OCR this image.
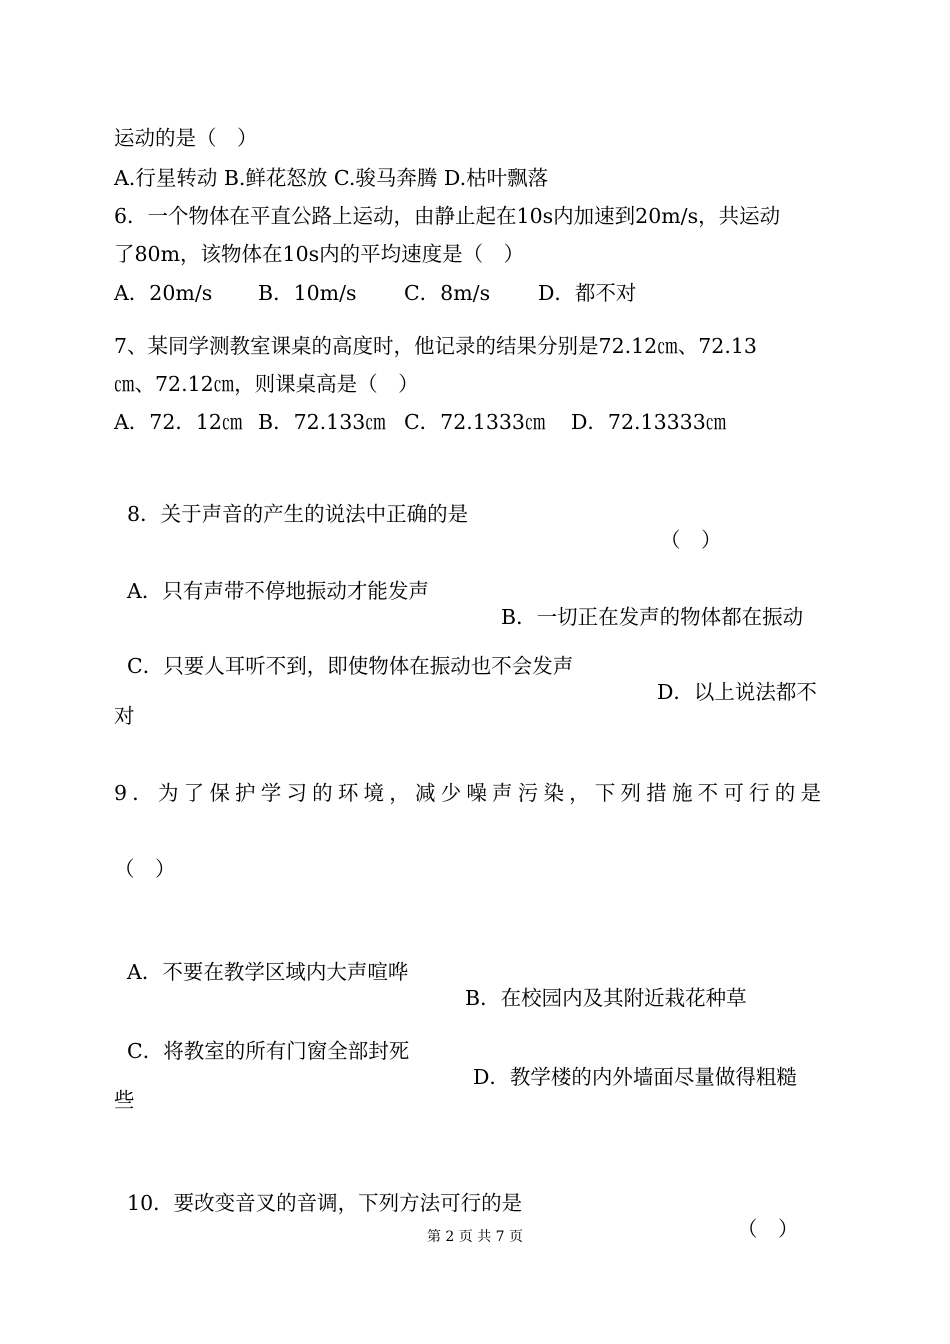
运动的是（　）

A.行星转动 B.鲜花怒放 C.骏马奔腾 D.枯叶飘落

6．一个物体在平直公路上运动，由静止起在10s内加速到20m/s，共运动

了80m，该物体在10s内的平均速度是（　）

A．20m/s	B．10m/s	C．8m/s	D．都不对

7、某同学测教室课桌的高度时，他记录的结果分别是72.12㎝、72.13

㎝、72.12㎝，则课桌高是（　）

A．72．12㎝ B．72.133㎝ C．72.1333㎝	D．72.13333㎝

8．关于声音的产生的说法中正确的是

（　）

A．只有声带不停地振动才能发声

B．一切正在发声的物体都在振动

C．只要人耳听不到，即使物体在振动也不会发声

D．以上说法都不

对

9．为了保护学习的环境，减少噪声污染，下列措施不可行的是

（　）

A．不要在教学区域内大声喧哗

B．在校园内及其附近栽花种草

C．将教室的所有门窗全部封死

D．教学楼的内外墙面尽量做得粗糙

些

10．要改变音叉的音调，下列方法可行的是

（　）

第 2 页 共 7 页
